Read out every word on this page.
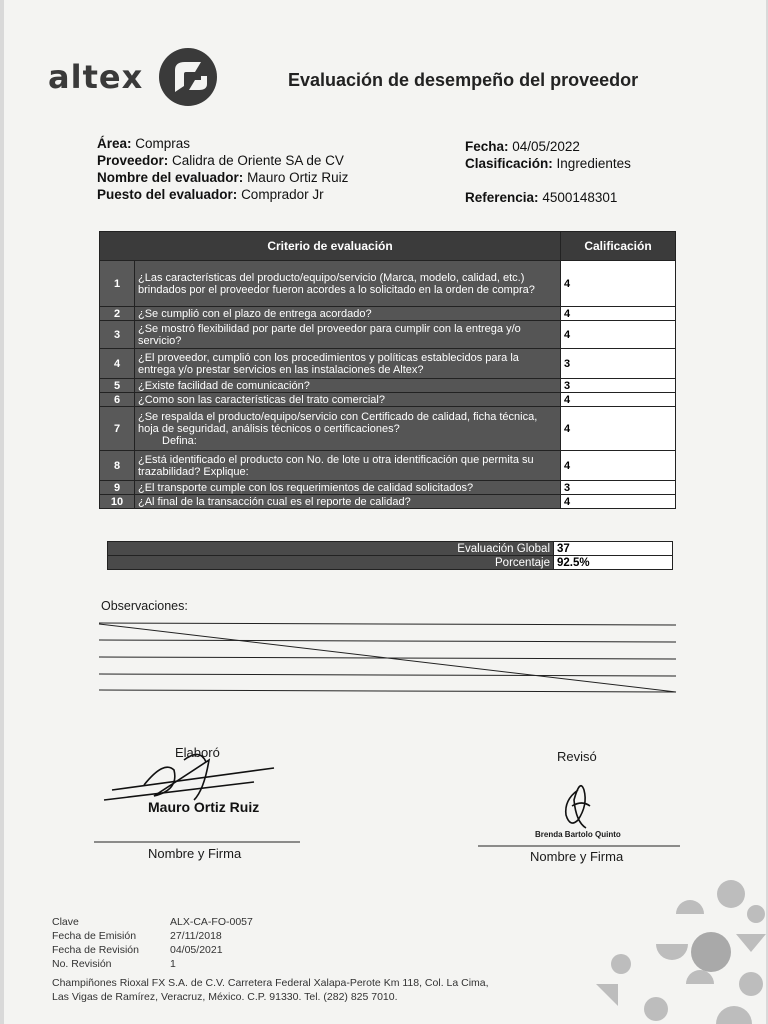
altex	Evaluación de desempeño del proveedor
Área: Compras
Proveedor: Calidra de Oriente SA de CV
Nombre del evaluador: Mauro Ortiz Ruiz
Puesto del evaluador: Comprador Jr
Fecha: 04/05/2022
Clasificación: Ingredientes
Referencia: 4500148301
Criterio de evaluación		Calificación
1	¿Las características del producto/equipo/servicio (Marca, modelo, calidad, etc.) brindados por el proveedor fueron acordes a lo solicitado en la orden de compra?	4
2	¿Se cumplió con el plazo de entrega acordado?	4
3	¿Se mostró flexibilidad por parte del proveedor para cumplir con la entrega y/o servicio?	4
4	¿El proveedor, cumplió con los procedimientos y políticas establecidos para la entrega y/o prestar servicios en las instalaciones de Altex?	3
5	¿Existe facilidad de comunicación?	3
6	¿Como son las características del trato comercial?	4
7	¿Se respalda el producto/equipo/servicio con Certificado de calidad, ficha técnica, hoja de seguridad, análisis técnicos o certificaciones?
Defina:	4
8	¿Está identificado el producto con No. de lote u otra identificación que permita su trazabilidad? Explique:	4
9	¿El transporte cumple con los requerimientos de calidad solicitados?	3
10	¿Al final de la transacción cual es el reporte de calidad?	4
Evaluación Global	37
Porcentaje	92.5%
Observaciones:
Mauro Ortiz Ruiz
Elaboró
Nombre y Firma
Revisó
Brenda Bartolo Quinto
Nombre y Firma
Clave	ALX-CA-FO-0057
Fecha de Emisión	27/11/2018
Fecha de Revisión	04/05/2021
No. Revisión	1
Champiñones Rioxal FX S.A. de C.V. Carretera Federal Xalapa-Perote Km 118, Col. La Cima,
Las Vigas de Ramírez, Veracruz, México. C.P. 91330. Tel. (282) 825 7010.
